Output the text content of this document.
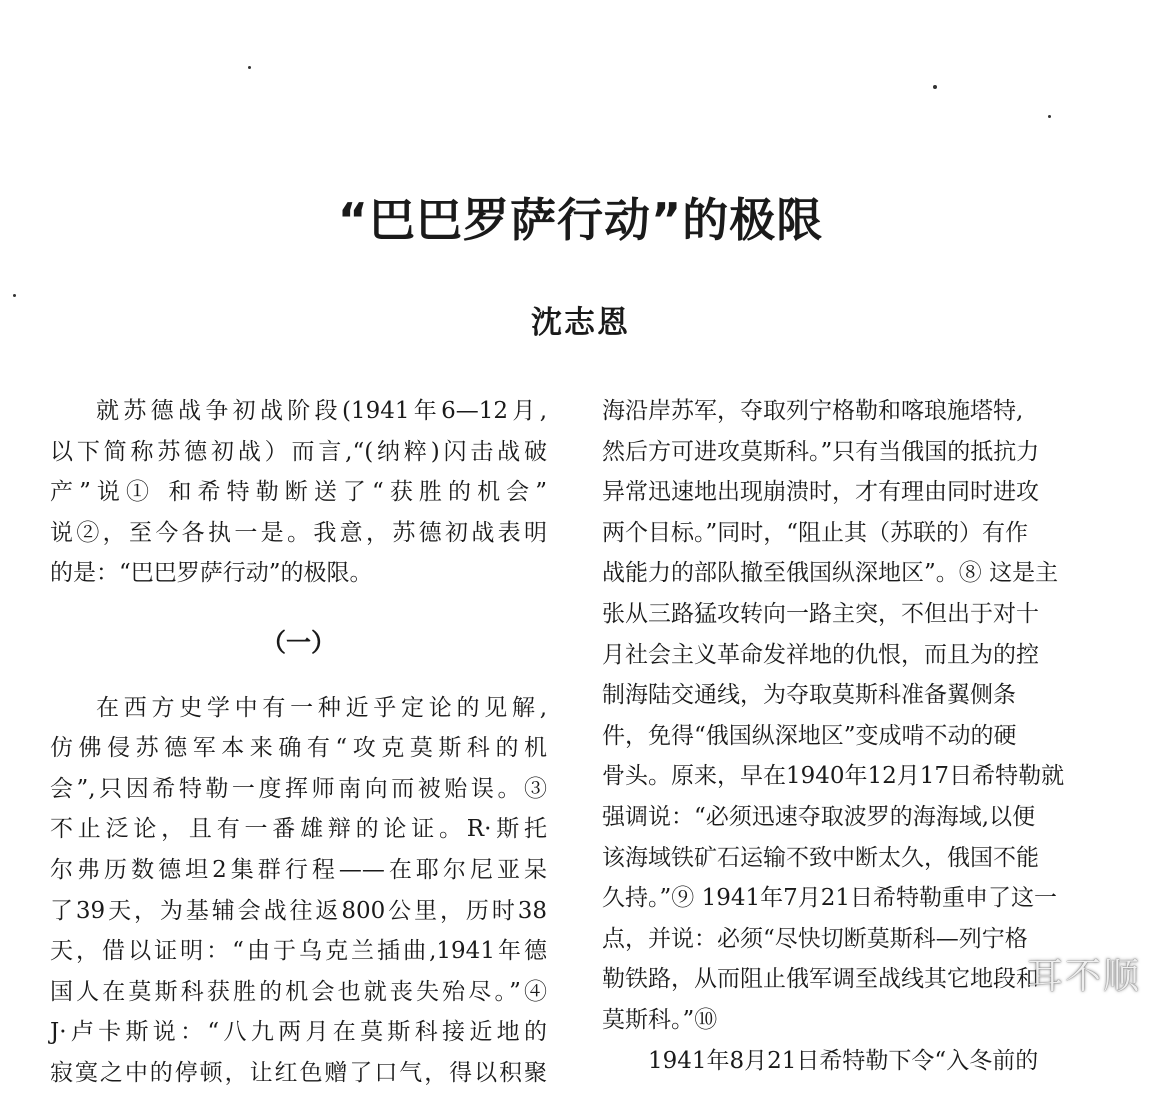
“巴巴罗萨行动”的极限
沈志恩

就苏德战争初战阶段(1941年6—12月,

以下简称苏德初战）而言,“(纳粹)闪击战破

产”说① 和希特勒断送了“获胜的机会”

说②，至今各执一是。我意，苏德初战表明

的是：“巴巴罗萨行动”的极限。

（一）

在西方史学中有一种近乎定论的见解,

仿佛侵苏德军本来确有“攻克莫斯科的机

会”,只因希特勒一度挥师南向而被贻误。③

不止泛论，且有一番雄辩的论证。R·斯托

尔弗历数德坦2集群行程——在耶尔尼亚呆

了39天，为基辅会战往返800公里，历时38

天，借以证明：“由于乌克兰插曲,1941年德

国人在莫斯科获胜的机会也就丧失殆尽。”④

J·卢卡斯说：“八九两月在莫斯科接近地的

寂寞之中的停顿，让红色赠了口气，得以积聚

海沿岸苏军，夺取列宁格勒和喀琅施塔特,

然后方可进攻莫斯科。”只有当俄国的抵抗力

异常迅速地出现崩溃时，才有理由同时进攻

两个目标。”同时，“阻止其（苏联的）有作

战能力的部队撤至俄国纵深地区”。⑧ 这是主

张从三路猛攻转向一路主突，不但出于对十

月社会主义革命发祥地的仇恨，而且为的控

制海陆交通线，为夺取莫斯科准备翼侧条

件，免得“俄国纵深地区”变成啃不动的硬

骨头。原来，早在1940年12月17日希特勒就

强调说：“必须迅速夺取波罗的海海域,以便

该海域铁矿石运输不致中断太久，俄国不能

久持。”⑨ 1941年7月21日希特勒重申了这一

点，并说：必须“尽快切断莫斯科—列宁格

勒铁路，从而阻止俄军调至战线其它地段和

莫斯科。”⑩

1941年8月21日希特勒下令“入冬前的

耳不顺
